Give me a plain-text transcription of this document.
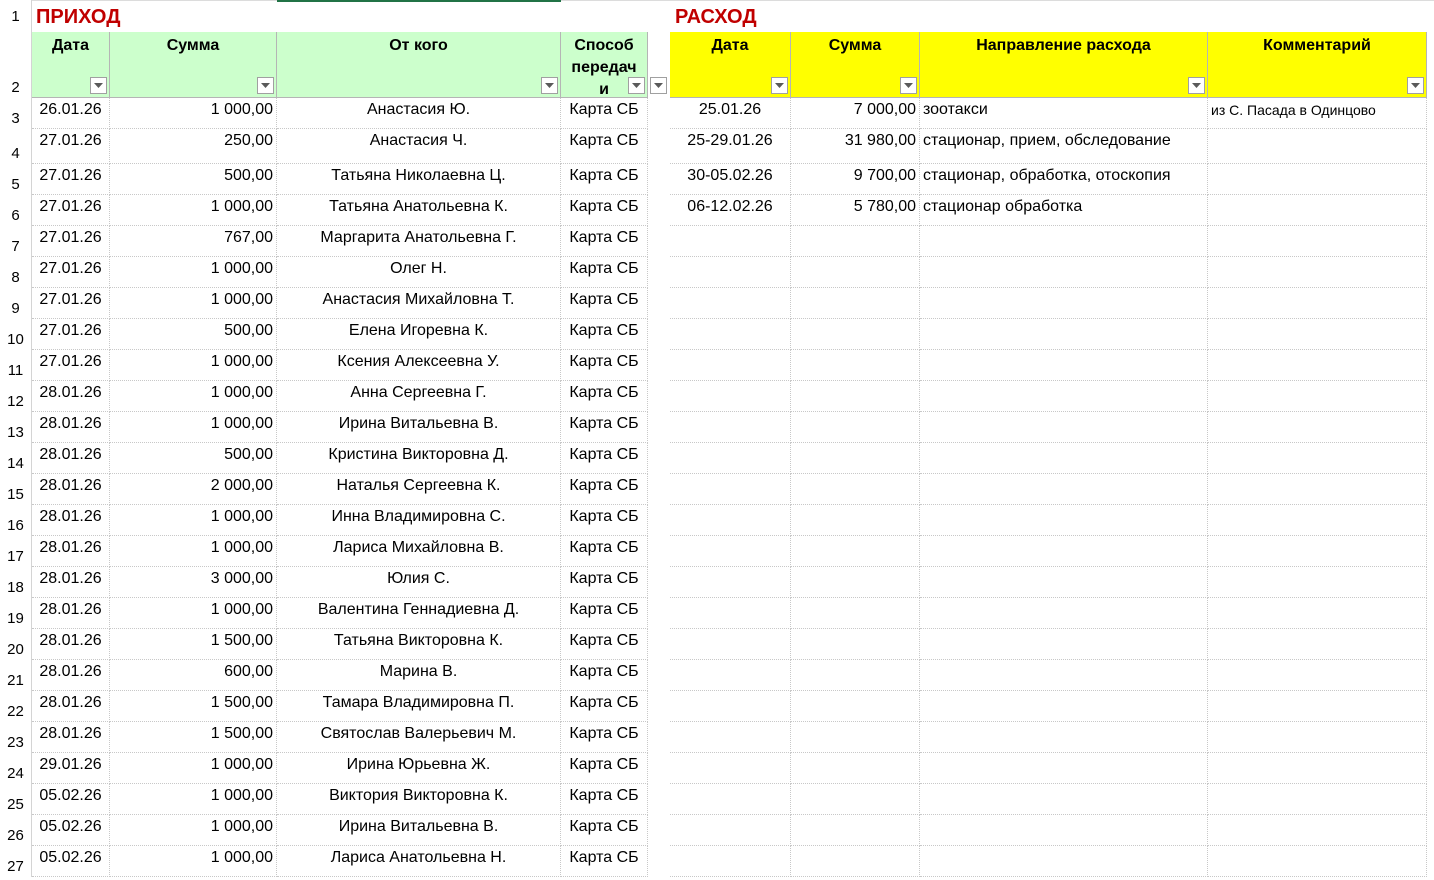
1
2
3
4
5
6
7
8
9
10
11
12
13
14
15
16
17
18
19
20
21
22
23
24
25
26
27
ПРИХОД	РАСХОД
Дата	Сумма	От кого	Способ
передач
и
Дата	Сумма	Направление расхода	Комментарий
26.01.26	1 000,00	Анастасия Ю.	Карта СБ	25.01.26	7 000,00 зоотакси	из С. Пасада в Одинцово
27.01.26	250,00	Анастасия Ч.	Карта СБ	25-29.01.26	31 980,00 стационар, прием, обследование
27.01.26	500,00	Татьяна Николаевна Ц.	Карта СБ	30-05.02.26	9 700,00 стационар, обработка, отоскопия
27.01.26	1 000,00	Татьяна Анатольевна К.	Карта СБ	06-12.02.26	5 780,00 стационар обработка
27.01.26	767,00	Маргарита Анатольевна Г.	Карта СБ
27.01.26	1 000,00	Олег Н.	Карта СБ
27.01.26	1 000,00	Анастасия Михайловна Т.	Карта СБ
27.01.26	500,00	Елена Игоревна К.	Карта СБ
27.01.26	1 000,00	Ксения Алексеевна У.	Карта СБ
28.01.26	1 000,00	Анна Сергеевна Г.	Карта СБ
28.01.26	1 000,00	Ирина Витальевна В.	Карта СБ
28.01.26	500,00	Кристина Викторовна Д.	Карта СБ
28.01.26	2 000,00	Наталья Сергеевна К.	Карта СБ
28.01.26	1 000,00	Инна Владимировна С.	Карта СБ
28.01.26	1 000,00	Лариса Михайловна В.	Карта СБ
28.01.26	3 000,00	Юлия С.	Карта СБ
28.01.26	1 000,00	Валентина Геннадиевна Д.	Карта СБ
28.01.26	1 500,00	Татьяна Викторовна К.	Карта СБ
28.01.26	600,00	Марина В.	Карта СБ
28.01.26	1 500,00	Тамара Владимировна П.	Карта СБ
28.01.26	1 500,00	Святослав Валерьевич М.	Карта СБ
29.01.26	1 000,00	Ирина Юрьевна Ж.	Карта СБ
05.02.26	1 000,00	Виктория Викторовна К.	Карта СБ
05.02.26	1 000,00	Ирина Витальевна В.	Карта СБ
05.02.26	1 000,00	Лариса Анатольевна Н.	Карта СБ
